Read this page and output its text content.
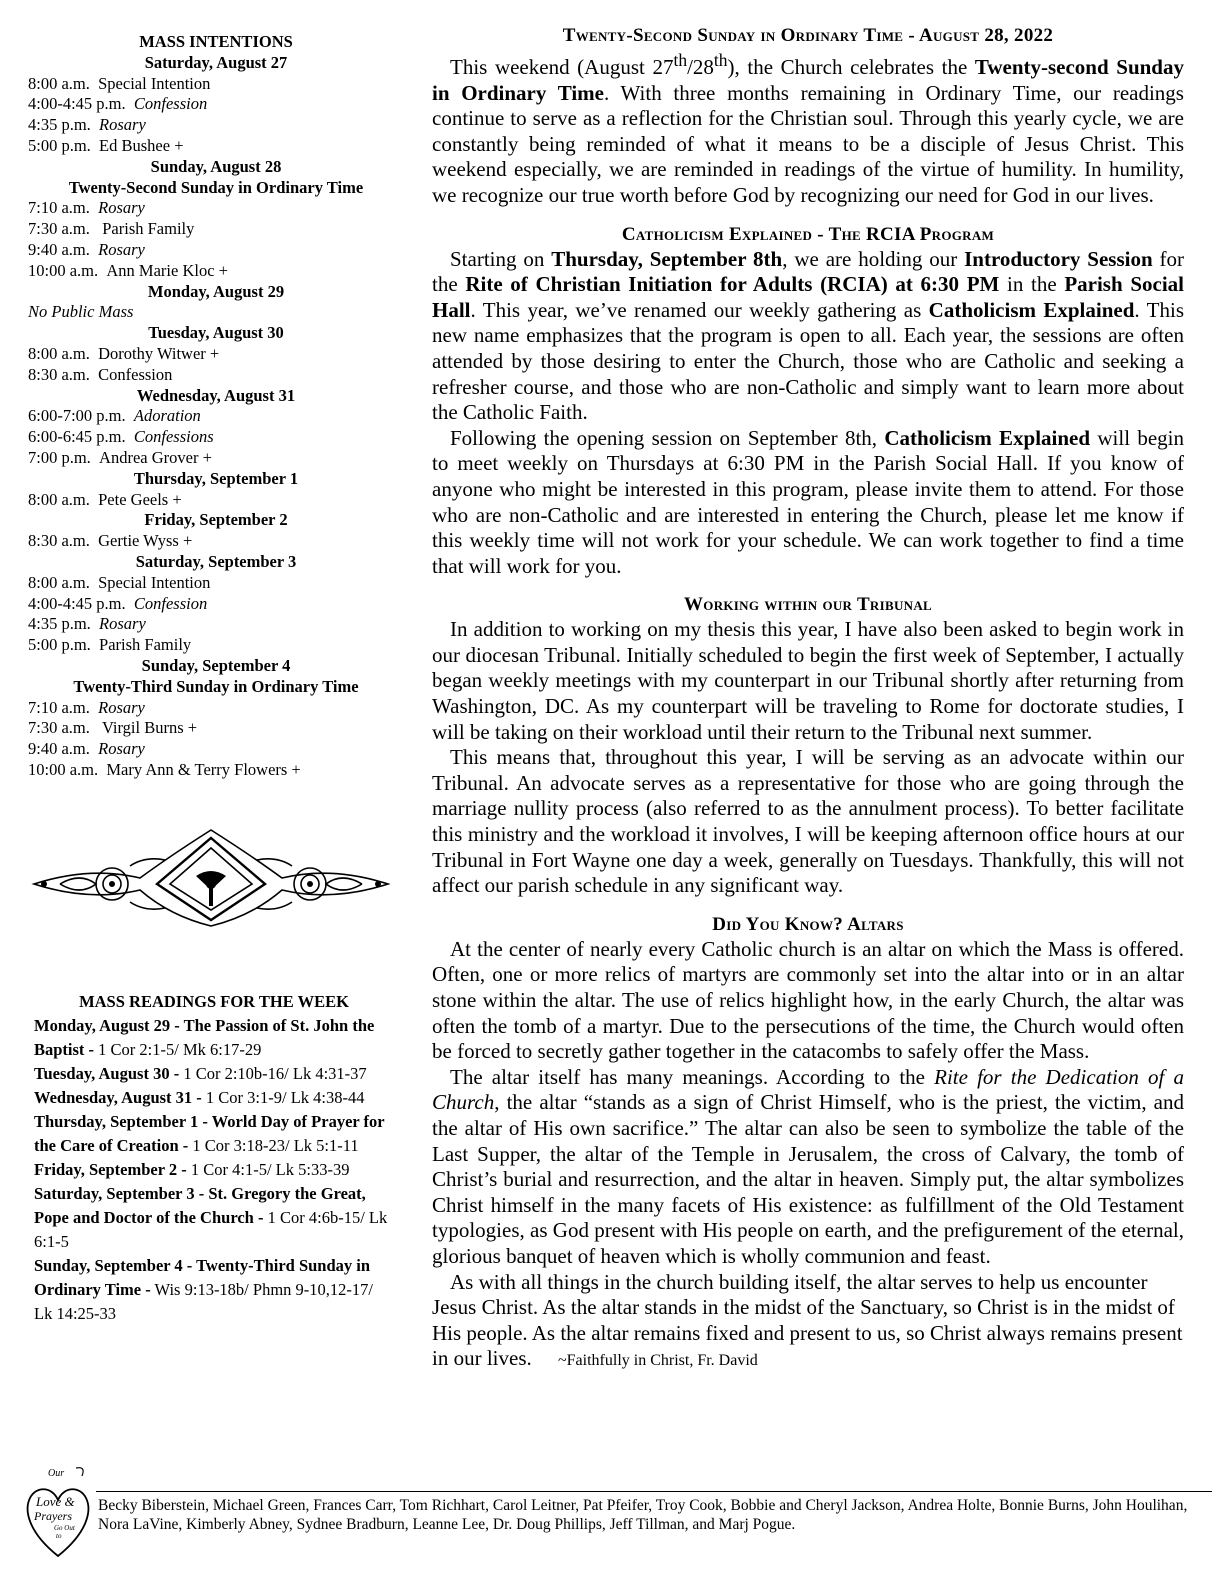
MASS INTENTIONS
Saturday, August 27
8:00 a.m. Special Intention
4:00-4:45 p.m. Confession
4:35 p.m. Rosary
5:00 p.m. Ed Bushee +
Sunday, August 28
Twenty-Second Sunday in Ordinary Time
7:10 a.m. Rosary
7:30 a.m.   Parish Family
9:40 a.m. Rosary
10:00 a.m. Ann Marie Kloc +
Monday, August 29
No Public Mass
Tuesday, August 30
8:00 a.m. Dorothy Witwer +
8:30 a.m. Confession
Wednesday, August 31
6:00-7:00 p.m. Adoration
6:00-6:45 p.m. Confessions
7:00 p.m. Andrea Grover +
Thursday, September 1
8:00 a.m. Pete Geels +
Friday, September 2
8:30 a.m. Gertie Wyss +
Saturday, September 3
8:00 a.m. Special Intention
4:00-4:45 p.m. Confession
4:35 p.m. Rosary
5:00 p.m. Parish Family
Sunday, September 4
Twenty-Third Sunday in Ordinary Time
7:10 a.m. Rosary
7:30 a.m.   Virgil Burns +
9:40 a.m. Rosary
10:00 a.m. Mary Ann & Terry Flowers +
MASS READINGS FOR THE WEEK

Monday, August 29 - The Passion of St. John the Baptist - 1 Cor 2:1-5/ Mk 6:17-29

Tuesday, August 30 - 1 Cor 2:10b-16/ Lk 4:31-37

Wednesday, August 31 - 1 Cor 3:1-9/ Lk 4:38-44

Thursday, September 1 - World Day of Prayer for the Care of Creation - 1 Cor 3:18-23/ Lk 5:1-11

Friday, September 2 - 1 Cor 4:1-5/ Lk 5:33-39

Saturday, September 3 - St. Gregory the Great, Pope and Doctor of the Church - 1 Cor 4:6b-15/ Lk 6:1-5

Sunday, September 4 - Twenty-Third Sunday in Ordinary Time - Wis 9:13-18b/ Phmn 9-10,12-17/ Lk 14:25-33

Twenty-Second Sunday in Ordinary Time - August 28, 2022

This weekend (August 27th/28th), the Church celebrates the Twenty-second Sunday in Ordinary Time. With three months remaining in Ordinary Time, our readings continue to serve as a reflection for the Christian soul. Through this yearly cycle, we are constantly being reminded of what it means to be a disciple of Jesus Christ. This weekend especially, we are reminded in readings of the virtue of humility. In humility, we recognize our true worth before God by recognizing our need for God in our lives.

Catholicism Explained - The RCIA Program

Starting on Thursday, September 8th, we are holding our Introductory Session for the Rite of Christian Initiation for Adults (RCIA) at 6:30 PM in the Parish Social Hall. This year, we’ve renamed our weekly gathering as Catholicism Explained. This new name emphasizes that the program is open to all. Each year, the sessions are often attended by those desiring to enter the Church, those who are Catholic and seeking a refresher course, and those who are non-Catholic and simply want to learn more about the Catholic Faith.

Following the opening session on September 8th, Catholicism Explained will begin to meet weekly on Thursdays at 6:30 PM in the Parish Social Hall. If you know of anyone who might be interested in this program, please invite them to attend. For those who are non-Catholic and are interested in entering the Church, please let me know if this weekly time will not work for your schedule. We can work together to find a time that will work for you.

Working within our Tribunal

In addition to working on my thesis this year, I have also been asked to begin work in our diocesan Tribunal. Initially scheduled to begin the first week of September, I actually began weekly meetings with my counterpart in our Tribunal shortly after returning from Washington, DC. As my counterpart will be traveling to Rome for doctorate studies, I will be taking on their workload until their return to the Tribunal next summer.

This means that, throughout this year, I will be serving as an advocate within our Tribunal. An advocate serves as a representative for those who are going through the marriage nullity process (also referred to as the annulment process). To better facilitate this ministry and the workload it involves, I will be keeping afternoon office hours at our Tribunal in Fort Wayne one day a week, generally on Tuesdays. Thankfully, this will not affect our parish schedule in any significant way.

Did You Know? Altars

At the center of nearly every Catholic church is an altar on which the Mass is offered. Often, one or more relics of martyrs are commonly set into the altar into or in an altar stone within the altar. The use of relics highlight how, in the early Church, the altar was often the tomb of a martyr. Due to the persecutions of the time, the Church would often be forced to secretly gather together in the catacombs to safely offer the Mass.

The altar itself has many meanings. According to the Rite for the Dedication of a Church, the altar “stands as a sign of Christ Himself, who is the priest, the victim, and the altar of His own sacrifice.” The altar can also be seen to symbolize the table of the Last Supper, the altar of the Temple in Jerusalem, the cross of Calvary, the tomb of Christ’s burial and resurrection, and the altar in heaven. Simply put, the altar symbolizes Christ himself in the many facets of His existence: as fulfillment of the Old Testament typologies, as God present with His people on earth, and the prefigurement of the eternal, glorious banquet of heaven which is wholly communion and feast.

As with all things in the church building itself, the altar serves to help us encounter Jesus Christ. As the altar stands in the midst of the Sanctuary, so Christ is in the midst of His people. As the altar remains fixed and present to us, so Christ always remains present in our lives. ~Faithfully in Christ, Fr. David

Our
Love &
Prayers
Go Out
to
Becky Biberstein, Michael Green, Frances Carr, Tom Richhart, Carol Leitner, Pat Pfeifer, Troy Cook, Bobbie and Cheryl Jackson, Andrea Holte, Bonnie Burns, John Houlihan, Nora LaVine, Kimberly Abney, Sydnee Bradburn, Leanne Lee, Dr. Doug Phillips, Jeff Tillman, and Marj Pogue.
